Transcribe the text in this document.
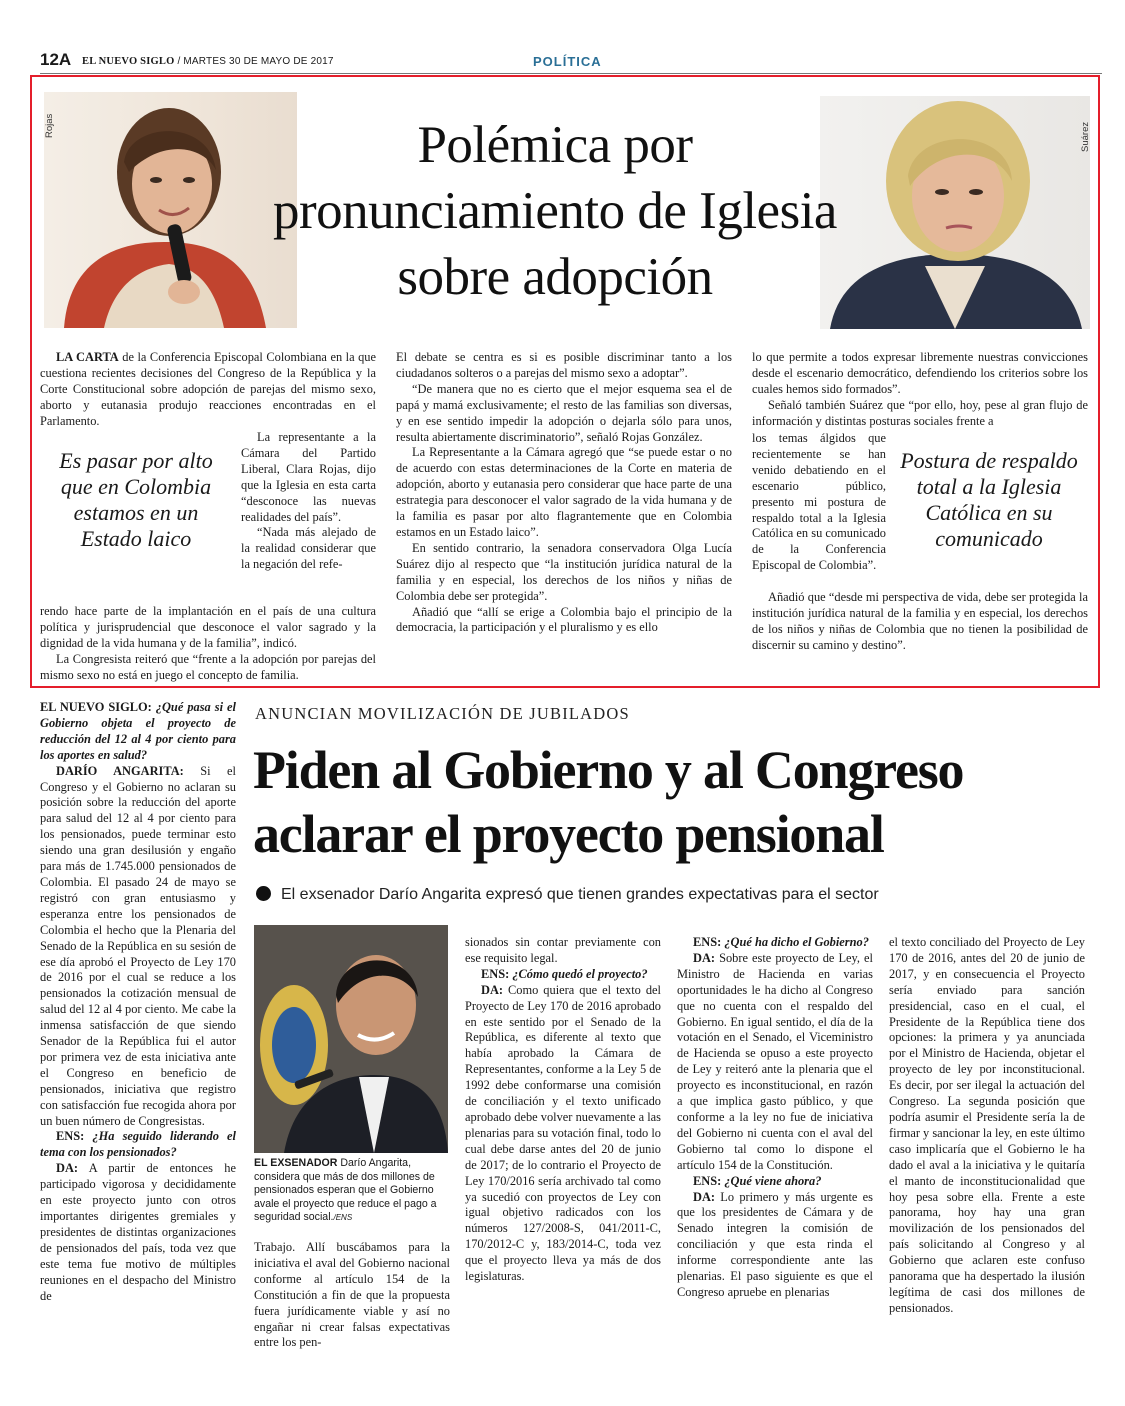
12A EL NUEVO SIGLO / MARTES 30 DE MAYO DE 2017	POLÍTICA
Rojas	Suárez
Polémica por pronunciamiento de Iglesia sobre adopción

LA CARTA de la Conferencia Episcopal Colombiana en la que cuestiona recientes decisiones del Congreso de la República y la Corte Constitucional sobre adopción de parejas del mismo sexo, aborto y eutanasia produjo reacciones encontradas en el Parlamento.

Es pasar por alto que en Colombia estamos en un Estado laico

La representante a la Cámara del Partido Liberal, Clara Rojas, dijo que la Iglesia en esta carta “desconoce las nuevas realidades del país”.

“Nada más alejado de la realidad considerar que la negación del refe-

rendo hace parte de la implantación en el país de una cultura política y jurisprudencial que desconoce el valor sagrado y la dignidad de la vida humana y de la familia”, indicó.

La Congresista reiteró que “frente a la adopción por parejas del mismo sexo no está en juego el concepto de familia.

El debate se centra es si es posible discriminar tanto a los ciudadanos solteros o a parejas del mismo sexo a adoptar”.

“De manera que no es cierto que el mejor esquema sea el de papá y mamá exclusivamente; el resto de las familias son diversas, y en ese sentido impedir la adopción o dejarla sólo para unos, resulta abiertamente discriminatorio”, señaló Rojas González.

La Representante a la Cámara agregó que “se puede estar o no de acuerdo con estas determinaciones de la Corte en materia de adopción, aborto y eutanasia pero considerar que hace parte de una estrategia para desconocer el valor sagrado de la vida humana y de la familia es pasar por alto flagrantemente que en Colombia estamos en un Estado laico”.

En sentido contrario, la senadora conservadora Olga Lucía Suárez dijo al respecto que “la institución jurídica natural de la familia y en especial, los derechos de los niños y niñas de Colombia debe ser protegida”.

Añadió que “allí se erige a Colombia bajo el principio de la democracia, la participación y el pluralismo y es ello

lo que permite a todos expresar libremente nuestras convicciones desde el escenario democrático, defendiendo los criterios sobre los cuales hemos sido formados”.

Señaló también Suárez que “por ello, hoy, pese al gran flujo de información y distintas posturas sociales frente a

los temas álgidos que recientemente se han venido debatiendo en el escenario público, presento mi postura de respaldo total a la Iglesia Católica en su comunicado de la Conferencia Episcopal de Colombia”.

Postura de respaldo total a la Iglesia Católica en su comunicado

Añadió que “desde mi perspectiva de vida, debe ser protegida la institución jurídica natural de la familia y en especial, los derechos de los niños y niñas de Colombia que no tienen la posibilidad de discernir su camino y destino”.

EL NUEVO SIGLO: ¿Qué pasa si el Gobierno objeta el proyecto de reducción del 12 al 4 por ciento para los aportes en salud?

DARÍO ANGARITA: Si el Congreso y el Gobierno no aclaran su posición sobre la reducción del aporte para salud del 12 al 4 por ciento para los pensionados, puede terminar esto siendo una gran desilusión y engaño para más de 1.745.000 pensionados de Colombia. El pasado 24 de mayo se registró con gran entusiasmo y esperanza entre los pensionados de Colombia el hecho que la Plenaria del Senado de la República en su sesión de ese día aprobó el Proyecto de Ley 170 de 2016 por el cual se reduce a los pensionados la cotización mensual de salud del 12 al 4 por ciento. Me cabe la inmensa satisfacción de que siendo Senador de la República fui el autor por primera vez de esta iniciativa ante el Congreso en beneficio de pensionados, iniciativa que registro con satisfacción fue recogida ahora por un buen número de Congresistas.

ENS: ¿Ha seguido liderando el tema con los pensionados?

DA: A partir de entonces he participado vigorosa y decididamente en este proyecto junto con otros importantes dirigentes gremiales y presidentes de distintas organizaciones de pensionados del país, toda vez que este tema fue motivo de múltiples reuniones en el despacho del Ministro de

ANUNCIAN MOVILIZACIÓN DE JUBILADOS
Piden al Gobierno y al Congreso aclarar el proyecto pensional
El exsenador Darío Angarita expresó que tienen grandes expectativas para el sector
EL EXSENADOR Darío Angarita, considera que más de dos millones de pensionados esperan que el Gobierno avale el proyecto que reduce el pago a seguridad social./ENS

Trabajo. Allí buscábamos para la iniciativa el aval del Gobierno nacional conforme al artículo 154 de la Constitución a fin de que la propuesta fuera jurídicamente viable y así no engañar ni crear falsas expectativas entre los pen-

sionados sin contar previamente con ese requisito legal.

ENS: ¿Cómo quedó el proyecto?

DA: Como quiera que el texto del Proyecto de Ley 170 de 2016 aprobado en este sentido por el Senado de la República, es diferente al texto que había aprobado la Cámara de Representantes, conforme a la Ley 5 de 1992 debe conformarse una comisión de conciliación y el texto unificado aprobado debe volver nuevamente a las plenarias para su votación final, todo lo cual debe darse antes del 20 de junio de 2017; de lo contrario el Proyecto de Ley 170/2016 sería archivado tal como ya sucedió con proyectos de Ley con igual objetivo radicados con los números 127/2008-S, 041/2011-C, 170/2012-C y, 183/2014-C, toda vez que el proyecto lleva ya más de dos legislaturas.

ENS: ¿Qué ha dicho el Gobierno?

DA: Sobre este proyecto de Ley, el Ministro de Hacienda en varias oportunidades le ha dicho al Congreso que no cuenta con el respaldo del Gobierno. En igual sentido, el día de la votación en el Senado, el Viceministro de Hacienda se opuso a este proyecto de Ley y reiteró ante la plenaria que el proyecto es inconstitucional, en razón a que implica gasto público, y que conforme a la ley no fue de iniciativa del Gobierno ni cuenta con el aval del Gobierno tal como lo dispone el artículo 154 de la Constitución.

ENS: ¿Qué viene ahora?

DA: Lo primero y más urgente es que los presidentes de Cámara y de Senado integren la comisión de conciliación y que esta rinda el informe correspondiente ante las plenarias. El paso siguiente es que el Congreso apruebe en plenarias

el texto conciliado del Proyecto de Ley 170 de 2016, antes del 20 de junio de 2017, y en consecuencia el Proyecto sería enviado para sanción presidencial, caso en el cual, el Presidente de la República tiene dos opciones: la primera y ya anunciada por el Ministro de Hacienda, objetar el proyecto de ley por inconstitucional. Es decir, por ser ilegal la actuación del Congreso. La segunda posición que podría asumir el Presidente sería la de firmar y sancionar la ley, en este último caso implicaría que el Gobierno le ha dado el aval a la iniciativa y le quitaría el manto de inconstitucionalidad que hoy pesa sobre ella. Frente a este panorama, hoy hay una gran movilización de los pensionados del país solicitando al Congreso y al Gobierno que aclaren este confuso panorama que ha despertado la ilusión legítima de casi dos millones de pensionados.
